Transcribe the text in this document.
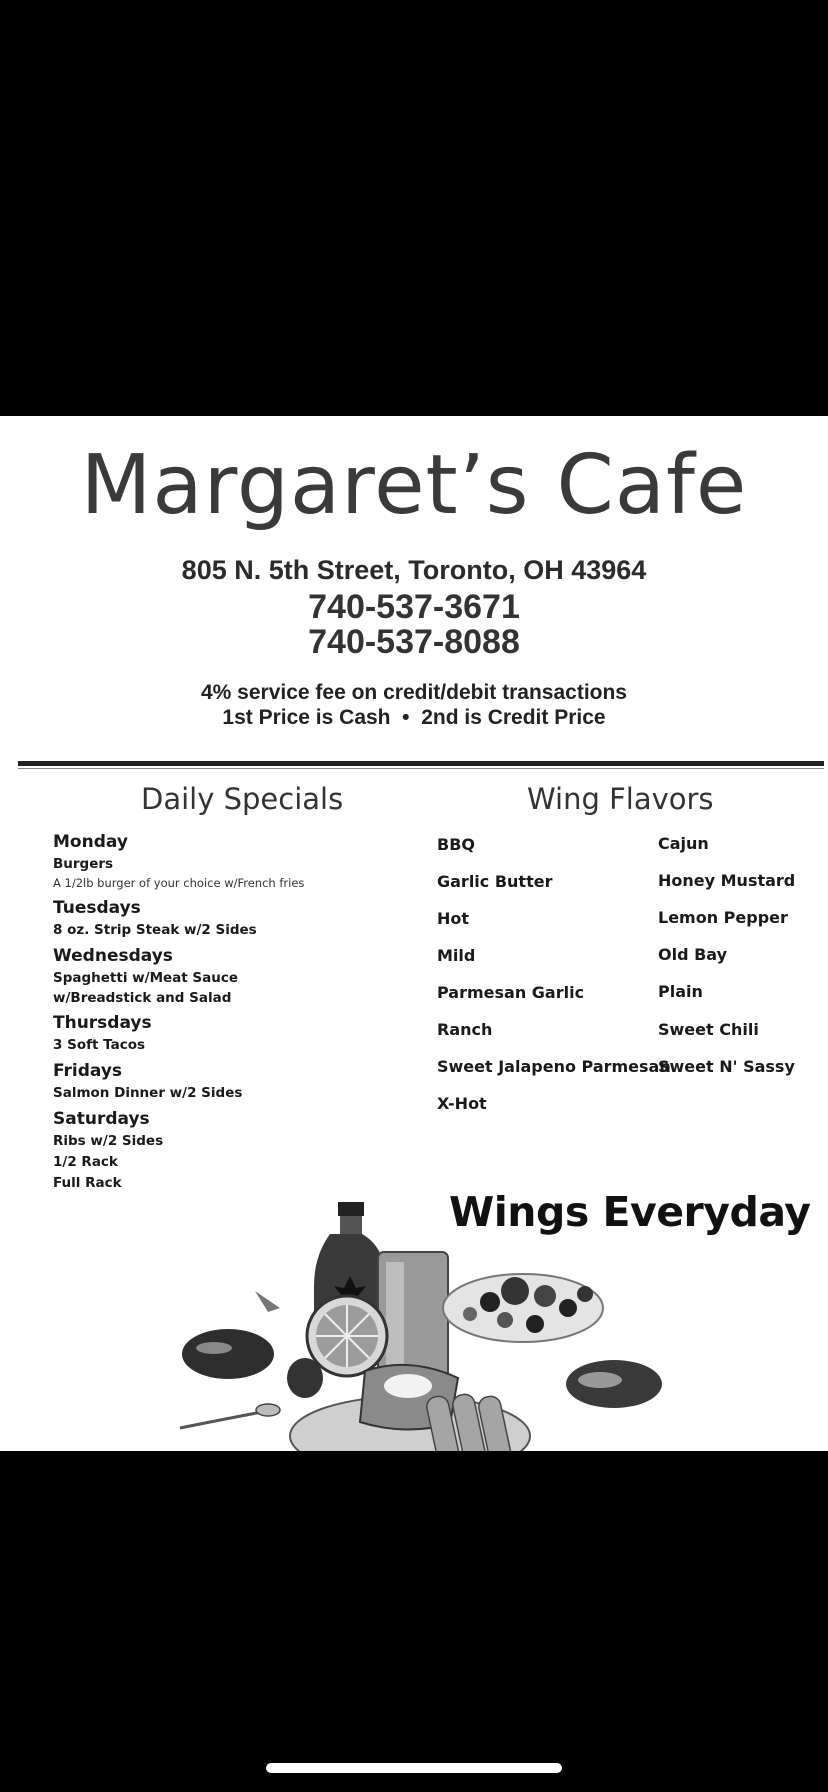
Margaret’s Cafe
805 N. 5th Street, Toronto, OH 43964
740-537-3671
740-537-8088
4% service fee on credit/debit transactions
1st Price is Cash  •  2nd is Credit Price
Daily Specials
Monday
Burgers
A 1/2lb burger of your choice w/French fries
Tuesdays
8 oz. Strip Steak w/2 Sides
Wednesdays
Spaghetti w/Meat Sauce
w/Breadstick and Salad
Thursdays
3 Soft Tacos
Fridays
Salmon Dinner w/2 Sides
Saturdays
Ribs w/2 Sides
1/2 Rack
Full Rack
Wing Flavors
BBQ
Garlic Butter
Hot
Mild
Parmesan Garlic
Ranch
Sweet Jalapeno Parmesan
X-Hot
Cajun
Honey Mustard
Lemon Pepper
Old Bay
Plain
Sweet Chili
Sweet N' Sassy
Wings Everyday
